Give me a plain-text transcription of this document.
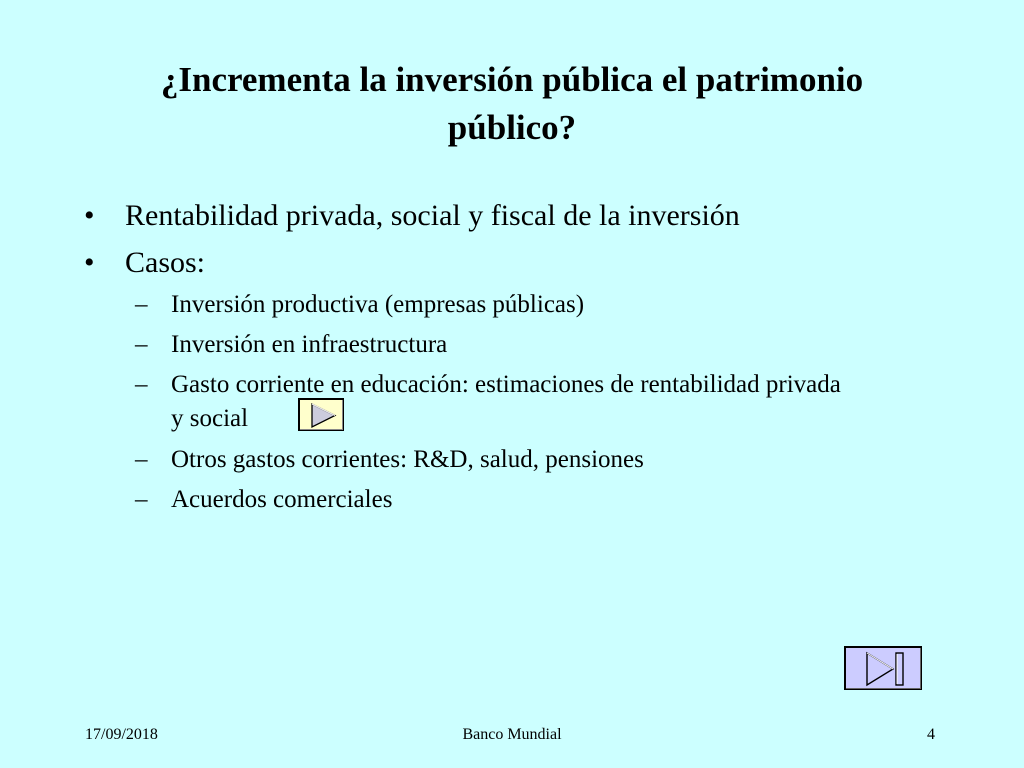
¿Incrementa la inversión pública el patrimonio
público?
• Rentabilidad privada, social y fiscal de la inversión
• Casos:
– Inversión productiva (empresas públicas)
– Inversión en infraestructura
– Gasto corriente en educación: estimaciones de rentabilidad privada
y social
– Otros gastos corrientes: R&D, salud, pensiones
– Acuerdos comerciales
17/09/2018	Banco Mundial	4
